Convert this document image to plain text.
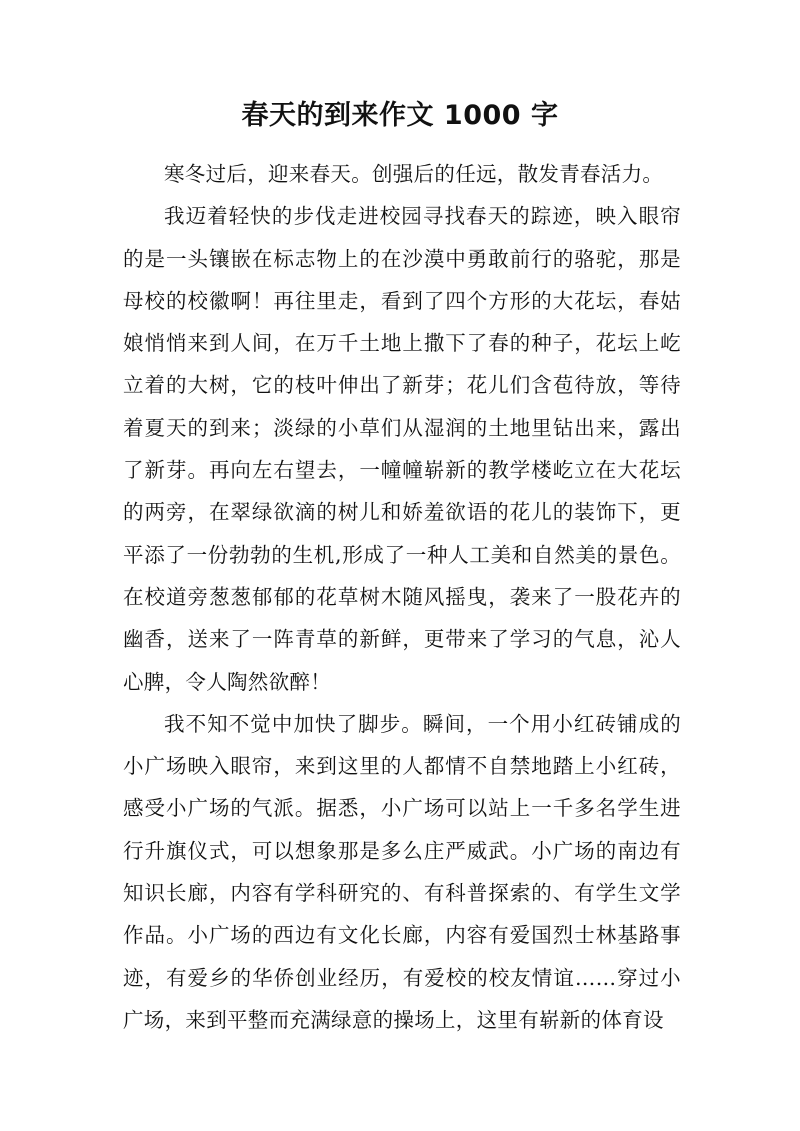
春天的到来作文 1000 字

寒冬过后，迎来春天。创强后的任远，散发青春活力。

我迈着轻快的步伐走进校园寻找春天的踪迹，映入眼帘的是一头镶嵌在标志物上的在沙漠中勇敢前行的骆驼，那是母校的校徽啊！再往里走，看到了四个方形的大花坛，春姑娘悄悄来到人间，在万千土地上撒下了春的种子，花坛上屹立着的大树，它的枝叶伸出了新芽；花儿们含苞待放，等待着夏天的到来；淡绿的小草们从湿润的土地里钻出来，露出了新芽。再向左右望去，一幢幢崭新的教学楼屹立在大花坛的两旁，在翠绿欲滴的树儿和娇羞欲语的花儿的装饰下，更平添了一份勃勃的生机,形成了一种人工美和自然美的景色。在校道旁葱葱郁郁的花草树木随风摇曳，袭来了一股花卉的幽香，送来了一阵青草的新鲜，更带来了学习的气息，沁人心脾，令人陶然欲醉！

我不知不觉中加快了脚步。瞬间，一个用小红砖铺成的小广场映入眼帘，来到这里的人都情不自禁地踏上小红砖，感受小广场的气派。据悉，小广场可以站上一千多名学生进行升旗仪式，可以想象那是多么庄严威武。小广场的南边有知识长廊，内容有学科研究的、有科普探索的、有学生文学作品。小广场的西边有文化长廊，内容有爱国烈士林基路事迹，有爱乡的华侨创业经历，有爱校的校友情谊……穿过小广场，来到平整而充满绿意的操场上，这里有崭新的体育设
